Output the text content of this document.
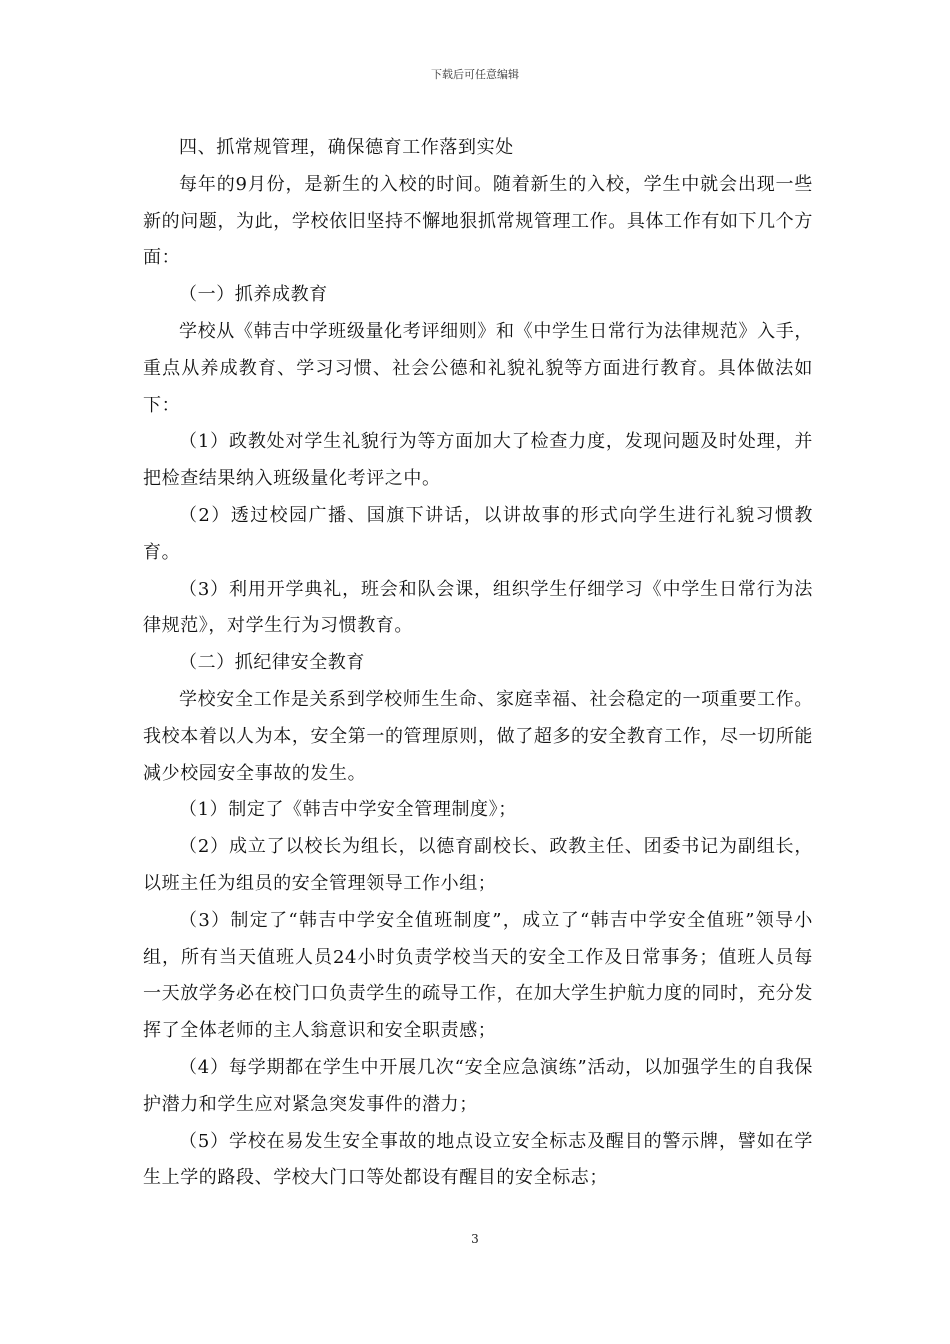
下载后可任意编辑

四、抓常规管理，确保德育工作落到实处

每年的9月份，是新生的入校的时间。随着新生的入校，学生中就会出现一些新的问题，为此，学校依旧坚持不懈地狠抓常规管理工作。具体工作有如下几个方面：

（一）抓养成教育

学校从《韩吉中学班级量化考评细则》和《中学生日常行为法律规范》入手，重点从养成教育、学习习惯、社会公德和礼貌礼貌等方面进行教育。具体做法如下：

（1）政教处对学生礼貌行为等方面加大了检查力度，发现问题及时处理，并把检查结果纳入班级量化考评之中。

（2）透过校园广播、国旗下讲话，以讲故事的形式向学生进行礼貌习惯教育。

（3）利用开学典礼，班会和队会课，组织学生仔细学习《中学生日常行为法律规范》，对学生行为习惯教育。

（二）抓纪律安全教育

学校安全工作是关系到学校师生生命、家庭幸福、社会稳定的一项重要工作。我校本着以人为本，安全第一的管理原则，做了超多的安全教育工作，尽一切所能减少校园安全事故的发生。

（1）制定了《韩吉中学安全管理制度》；

（2）成立了以校长为组长，以德育副校长、政教主任、团委书记为副组长，以班主任为组员的安全管理领导工作小组；

（3）制定了“韩吉中学安全值班制度”，成立了“韩吉中学安全值班”领导小组，所有当天值班人员24小时负责学校当天的安全工作及日常事务；值班人员每一天放学务必在校门口负责学生的疏导工作，在加大学生护航力度的同时，充分发挥了全体老师的主人翁意识和安全职责感；

（4）每学期都在学生中开展几次“安全应急演练”活动，以加强学生的自我保护潜力和学生应对紧急突发事件的潜力；

（5）学校在易发生安全事故的地点设立安全标志及醒目的警示牌，譬如在学生上学的路段、学校大门口等处都设有醒目的安全标志；

3
